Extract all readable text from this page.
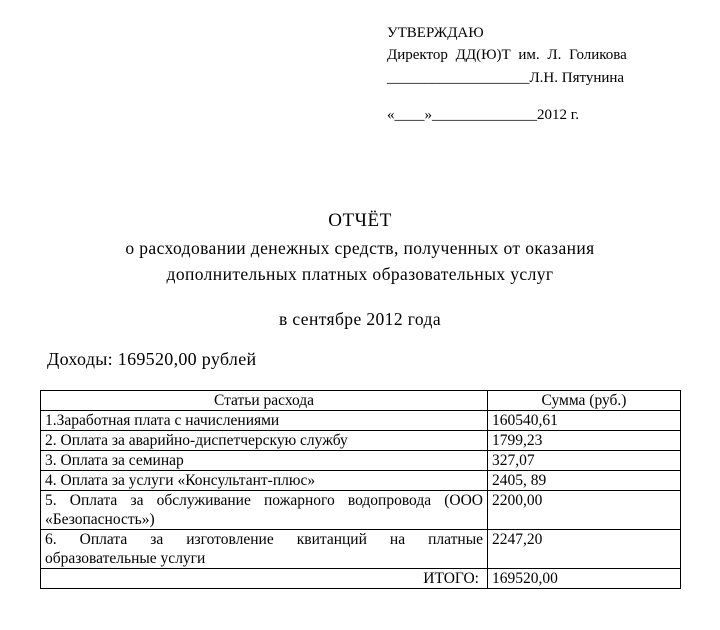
УТВЕРЖДАЮ
Директор ДД(Ю)Т им. Л. Голикова
___________________Л.Н. Пятунина
«____»______________2012 г.
ОТЧЁТ
о расходовании денежных средств, полученных от оказания
дополнительных платных образовательных услуг
в сентябре 2012 года
Доходы: 169520,00 рублей
Статьи расхода	Сумма (руб.)
1.Заработная плата с начислениями	160540,61
2. Оплата за аварийно-диспетчерскую службу	1799,23
3. Оплата за семинар	327,07
4. Оплата за услуги «Консультант-плюс»	2405, 89
5. Оплата за обслуживание пожарного водопровода (ООО «Безопасность»)	2200,00
6. Оплата за изготовление квитанций на платные образовательные услуги	2247,20
ИТОГО:	169520,00
